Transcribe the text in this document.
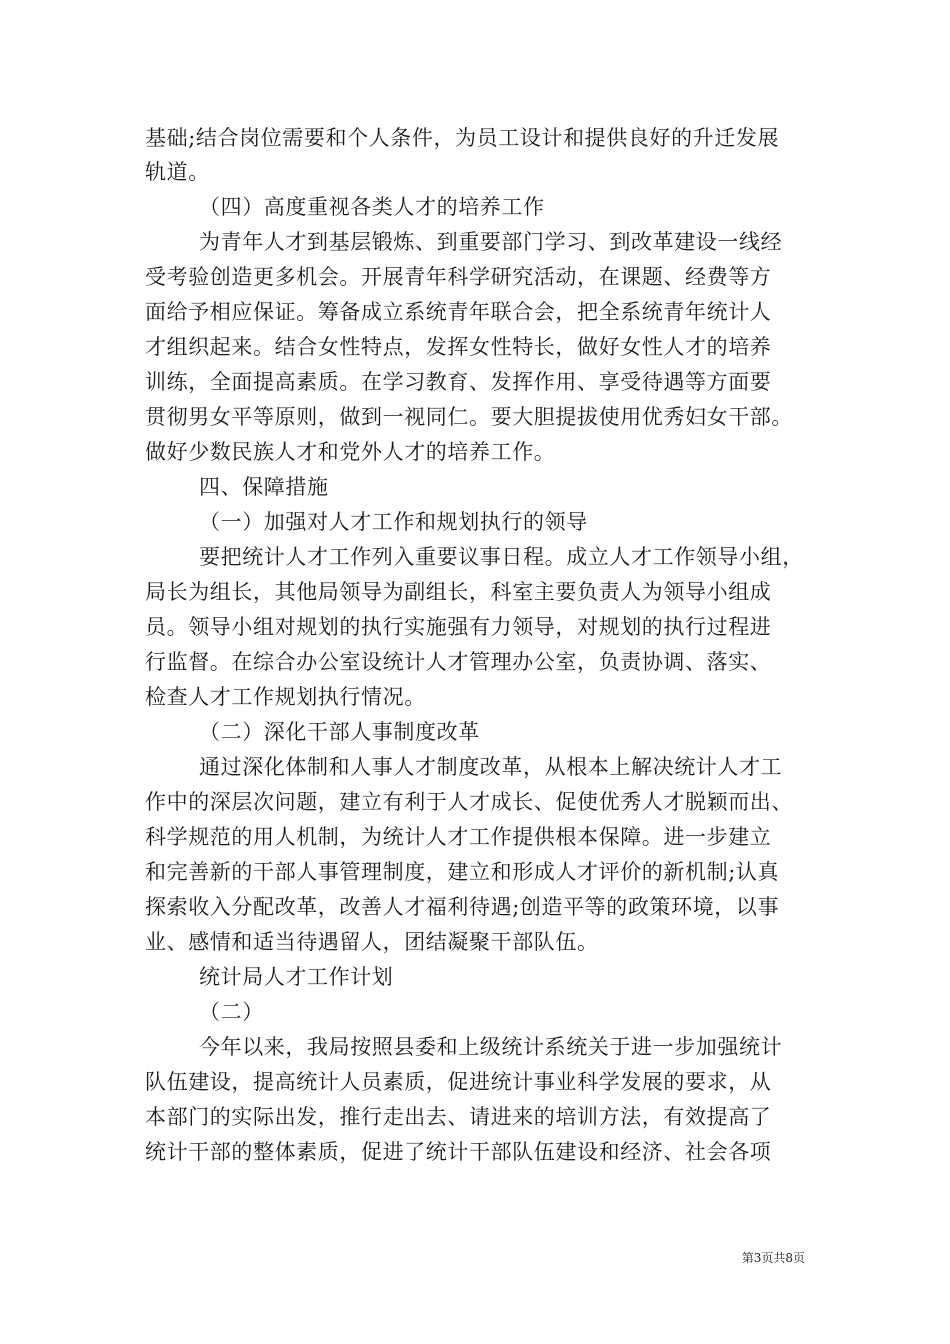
基础;结合岗位需要和个人条件，为员工设计和提供良好的升迁发展
轨道。
（四）高度重视各类人才的培养工作
为青年人才到基层锻炼、到重要部门学习、到改革建设一线经
受考验创造更多机会。开展青年科学研究活动，在课题、经费等方
面给予相应保证。筹备成立系统青年联合会，把全系统青年统计人
才组织起来。结合女性特点，发挥女性特长，做好女性人才的培养
训练，全面提高素质。在学习教育、发挥作用、享受待遇等方面要
贯彻男女平等原则，做到一视同仁。要大胆提拔使用优秀妇女干部。
做好少数民族人才和党外人才的培养工作。
四、保障措施
（一）加强对人才工作和规划执行的领导
要把统计人才工作列入重要议事日程。成立人才工作领导小组，
局长为组长，其他局领导为副组长，科室主要负责人为领导小组成
员。领导小组对规划的执行实施强有力领导，对规划的执行过程进
行监督。在综合办公室设统计人才管理办公室，负责协调、落实、
检查人才工作规划执行情况。
（二）深化干部人事制度改革
通过深化体制和人事人才制度改革，从根本上解决统计人才工
作中的深层次问题，建立有利于人才成长、促使优秀人才脱颖而出、
科学规范的用人机制，为统计人才工作提供根本保障。进一步建立
和完善新的干部人事管理制度，建立和形成人才评价的新机制;认真
探索收入分配改革，改善人才福利待遇;创造平等的政策环境，以事
业、感情和适当待遇留人，团结凝聚干部队伍。
统计局人才工作计划
（二）
今年以来，我局按照县委和上级统计系统关于进一步加强统计
队伍建设，提高统计人员素质，促进统计事业科学发展的要求，从
本部门的实际出发，推行走出去、请进来的培训方法，有效提高了
统计干部的整体素质，促进了统计干部队伍建设和经济、社会各项
第3页共8页
